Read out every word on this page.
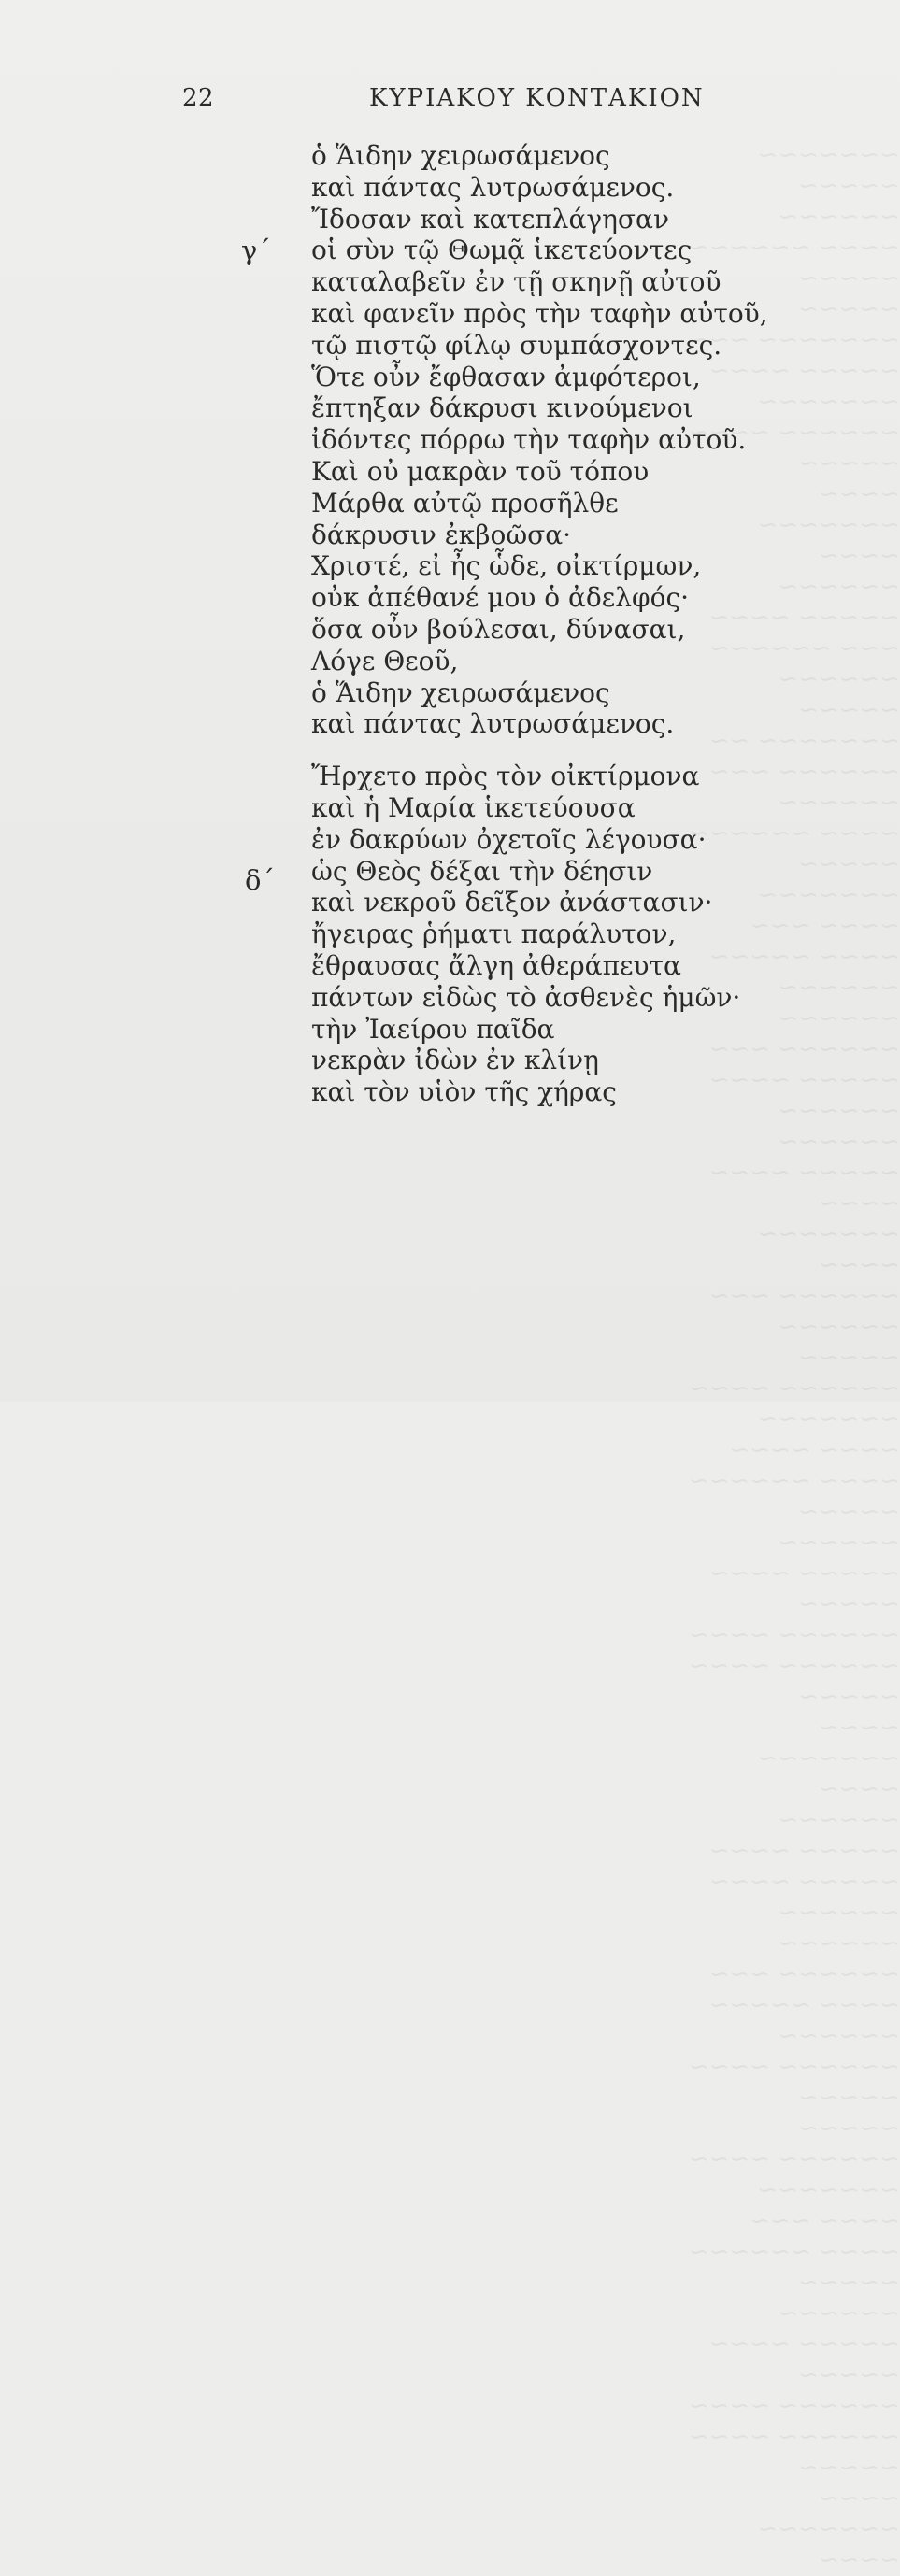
~~~~~~~ ~~~~~ ~~~~~~
~~~~ ~~~~~~ ~~~~~
~~~~~ ~~~~~~~ ~~~
~~~~~ ~~~~ ~~~~~~~
~~~~~~ ~~~~ ~~~~~
~~~~ ~~~~~~~ ~~~~
~~~~~~ ~~~~~ ~~~~
~~~ ~~~~~~ ~~~~~~
~~~~~ ~~~~~~~ ~~
~~~~~~ ~~~ ~~~~~~
~~~~ ~~~~~~ ~~~~~
~~~~~~~ ~~~~ ~~~
~~~~ ~~~~~ ~~~~~~
~~~~~~ ~~~~~~ ~~~
~~~~~ ~~~~ ~~~~~~
~~~~~~ ~~~~~ ~~~~
~~~~ ~~~~~~~ ~~~~
~~~~~~ ~~~ ~~~~~~
~~~~~ ~~~~~~ ~~~~
~~~~~~~ ~~~~ ~~~~
~~~~ ~~~~~~ ~~~~~
~~~~~~ ~~~~~ ~~~~
~~~~~ ~~~~~~ ~~~~
~~~~~~ ~~~~ ~~~~~
~~~~ ~~~~~~~ ~~~~
~~~~~~ ~~~~~ ~~~~
~~~~~ ~~~~ ~~~~~~
~~~~~~ ~~~~~~ ~~~
~~~~ ~~~~~ ~~~~~~
~~~~~~ ~~~~ ~~~~~
~~~~~ ~~~~~~ ~~~~
~~~~~~~ ~~~~ ~~~
~~~~ ~~~~~~ ~~~~~
~~~~~~ ~~~~~ ~~~~
~~~~~ ~~~~~~ ~~~~
~~~~~~ ~~~~ ~~~~~
~~~~ ~~~~~~~ ~~~~
22	ΚΥΡΙΑΚΟΥ ΚΟΝΤΑΚΙΟΝ
γ΄
δ΄
ὁ Ἅιδην χειρωσάμενος
καὶ πάντας λυτρωσάμενος.
Ἴδοσαν καὶ κατεπλάγησαν
οἱ σὺν τῷ Θωμᾷ ἱκετεύοντες
καταλαβεῖν ἐν τῇ σκηνῇ αὐτοῦ
καὶ φανεῖν πρὸς τὴν ταφὴν αὐτοῦ,
τῷ πιστῷ φίλῳ συμπάσχοντες.
Ὅτε οὖν ἔφθασαν ἀμφότεροι,
ἔπτηξαν δάκρυσι κινούμενοι
ἰδόντες πόρρω τὴν ταφὴν αὐτοῦ.
Καὶ οὐ μακρὰν τοῦ τόπου
Μάρθα αὐτῷ προσῆλθε
δάκρυσιν ἐκβοῶσα·
Χριστέ, εἰ ἦς ὧδε, οἰκτίρμων,
οὐκ ἀπέθανέ μου ὁ ἀδελφός·
ὅσα οὖν βούλεσαι, δύνασαι,
Λόγε Θεοῦ,
ὁ Ἅιδην χειρωσάμενος
καὶ πάντας λυτρωσάμενος.
Ἤρχετο πρὸς τὸν οἰκτίρμονα
καὶ ἡ Μαρία ἱκετεύουσα
ἐν δακρύων ὀχετοῖς λέγουσα·
ὡς Θεὸς δέξαι τὴν δέησιν
καὶ νεκροῦ δεῖξον ἀνάστασιν·
ἤγειρας ῥήματι παράλυτον,
ἔθραυσας ἄλγη ἀθεράπευτα
πάντων εἰδὼς τὸ ἀσθενὲς ἡμῶν·
τὴν Ἰαείρου παῖδα
νεκρὰν ἰδὼν ἐν κλίνῃ
καὶ τὸν υἱὸν τῆς χήρας
